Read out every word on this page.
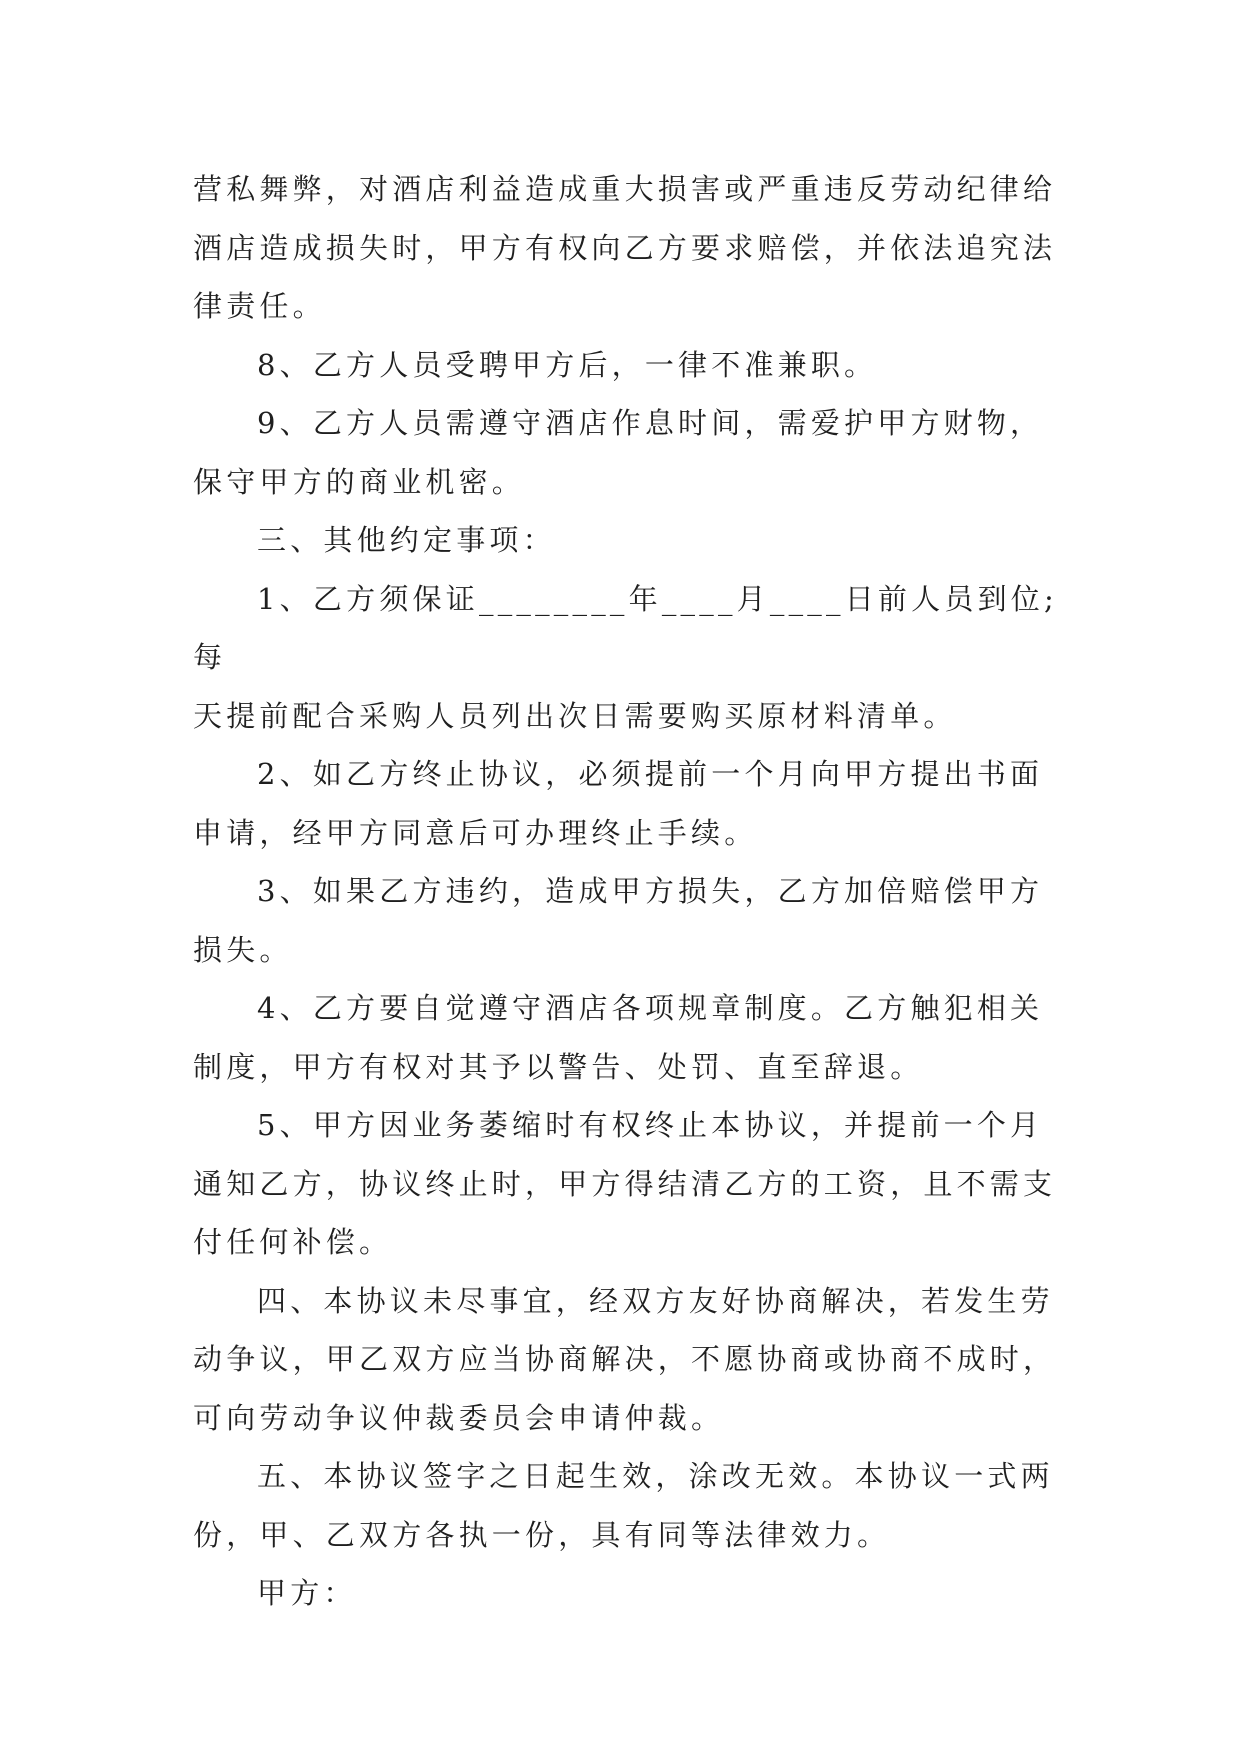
营私舞弊，对酒店利益造成重大损害或严重违反劳动纪律给
酒店造成损失时，甲方有权向乙方要求赔偿，并依法追究法
律责任。

8、乙方人员受聘甲方后，一律不准兼职。

9、乙方人员需遵守酒店作息时间，需爱护甲方财物，
保守甲方的商业机密。

三、其他约定事项：

1、乙方须保证________年____月____日前人员到位;每
天提前配合采购人员列出次日需要购买原材料清单。

2、如乙方终止协议，必须提前一个月向甲方提出书面
申请，经甲方同意后可办理终止手续。

3、如果乙方违约，造成甲方损失，乙方加倍赔偿甲方
损失。

4、乙方要自觉遵守酒店各项规章制度。乙方触犯相关
制度，甲方有权对其予以警告、处罚、直至辞退。

5、甲方因业务萎缩时有权终止本协议，并提前一个月
通知乙方，协议终止时，甲方得结清乙方的工资，且不需支
付任何补偿。

四、本协议未尽事宜，经双方友好协商解决，若发生劳
动争议，甲乙双方应当协商解决，不愿协商或协商不成时，
可向劳动争议仲裁委员会申请仲裁。

五、本协议签字之日起生效，涂改无效。本协议一式两
份，甲、乙双方各执一份，具有同等法律效力。

甲方：
